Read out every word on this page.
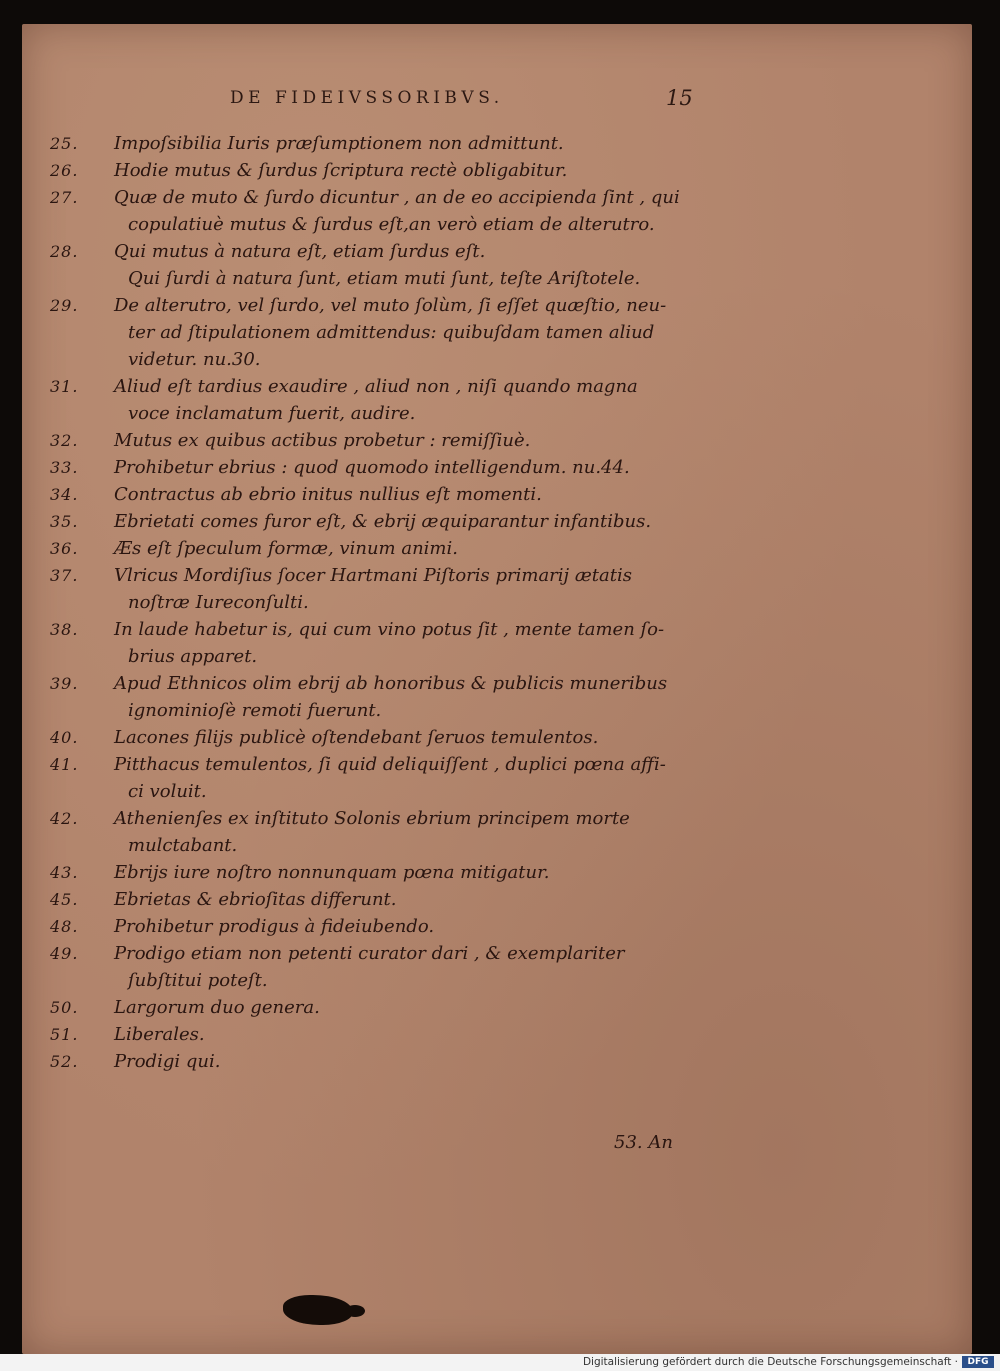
DE FIDEIVSSORIBVS.	15
25.	Impoſsibilia Iuris præſumptionem non admittunt.
26.	Hodie mutus & ſurdus ſcriptura rectè obligabitur.
27.	Quæ de muto & ſurdo dicuntur , an de eo accipienda ſint , qui
copulatiuè mutus & ſurdus eſt,an verò etiam de alterutro.
28.	Qui mutus à natura eſt, etiam ſurdus eſt.
Qui ſurdi à natura ſunt, etiam muti ſunt, teſte Ariſtotele.
29.	De alterutro, vel ſurdo, vel muto ſolùm, ſi eſſet quæſtio, neu-
ter ad ſtipulationem admittendus: quibuſdam tamen aliud
videtur. nu.30.
31.	Aliud eſt tardius exaudire , aliud non , niſi quando magna
voce inclamatum fuerit, audire.
32.	Mutus ex quibus actibus probetur : remiſſiuè.
33.	Prohibetur ebrius : quod quomodo intelligendum. nu.44.
34.	Contractus ab ebrio initus nullius eſt momenti.
35.	Ebrietati comes furor eſt, & ebrij æquiparantur infantibus.
36.	Æs eſt ſpeculum formæ, vinum animi.
37.	Vlricus Mordiſius ſocer Hartmani Piſtoris primarij ætatis
noſtræ Iureconſulti.
38.	In laude habetur is, qui cum vino potus ſit , mente tamen ſo-
brius apparet.
39.	Apud Ethnicos olim ebrij ab honoribus & publicis muneribus
ignominioſè remoti fuerunt.
40.	Lacones filijs publicè oſtendebant ſeruos temulentos.
41.	Pitthacus temulentos, ſi quid deliquiſſent , duplici pœna affi-
ci voluit.
42.	Athenienſes ex inſtituto Solonis ebrium principem morte
mulctabant.
43.	Ebrijs iure noſtro nonnunquam pœna mitigatur.
45.	Ebrietas & ebrioſitas differunt.
48.	Prohibetur prodigus à fideiubendo.
49.	Prodigo etiam non petenti curator dari , & exemplariter
ſubſtitui poteſt.
50.	Largorum duo genera.
51.	Liberales.
52.	Prodigi qui.
53. An
Digitalisierung gefördert durch die Deutsche Forschungsgemeinschaft ·	DFG
